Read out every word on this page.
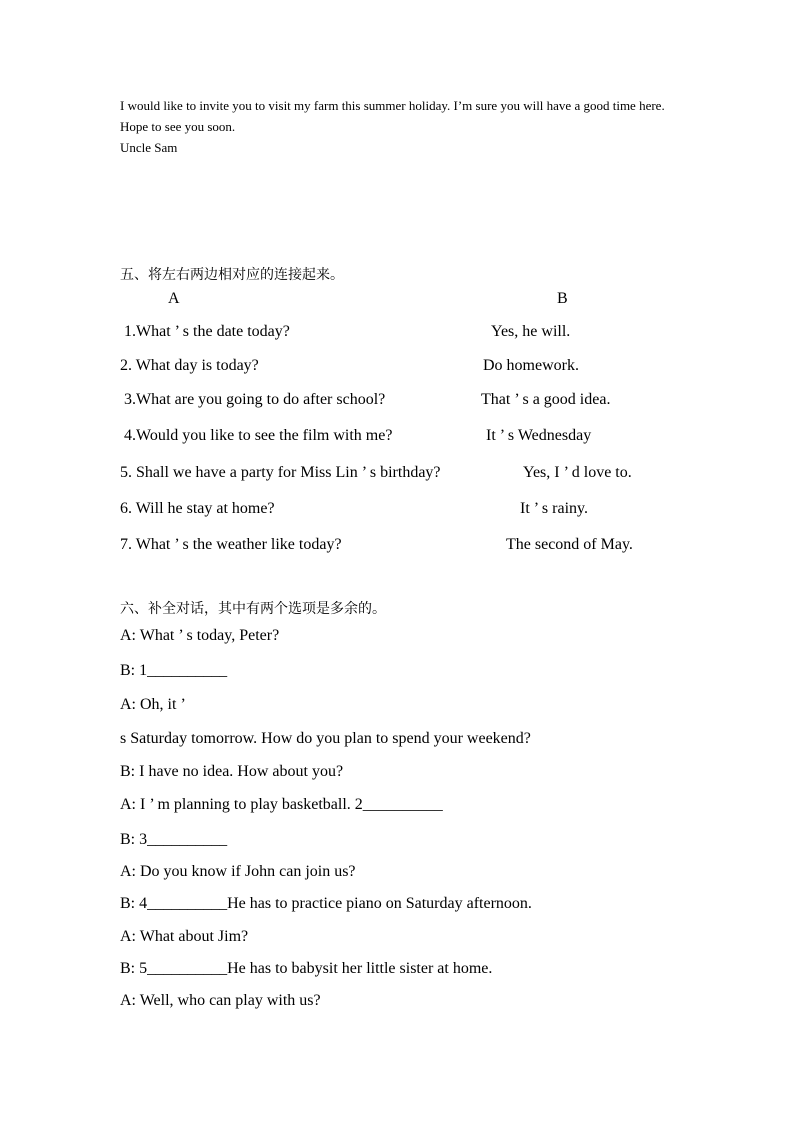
I would like to invite you to visit my farm this summer holiday. I’m sure you will have a good time here.

Hope to see you soon.

Uncle Sam

五、将左右两边相对应的连接起来。
A	B
1.What ’ s the date today?	Yes, he will.
2. What day is today?	Do homework.
3.What are you going to do after school?	That ’ s a good idea.
4.Would you like to see the film with me?	It ’ s Wednesday
5. Shall we have a party for Miss Lin ’ s birthday?	Yes, I ’ d love to.
6. Will he stay at home?	It ’ s rainy.
7. What ’ s the weather like today?	The second of May.
六、补全对话，其中有两个选项是多余的。
A: What ’ s today, Peter?
B: 1__________
A: Oh, it ’
s Saturday tomorrow. How do you plan to spend your weekend?
B: I have no idea. How about you?
A: I ’ m planning to play basketball. 2__________
B: 3__________
A: Do you know if John can join us?
B: 4__________He has to practice piano on Saturday afternoon.
A: What about Jim?
B: 5__________He has to babysit her little sister at home.
A: Well, who can play with us?
